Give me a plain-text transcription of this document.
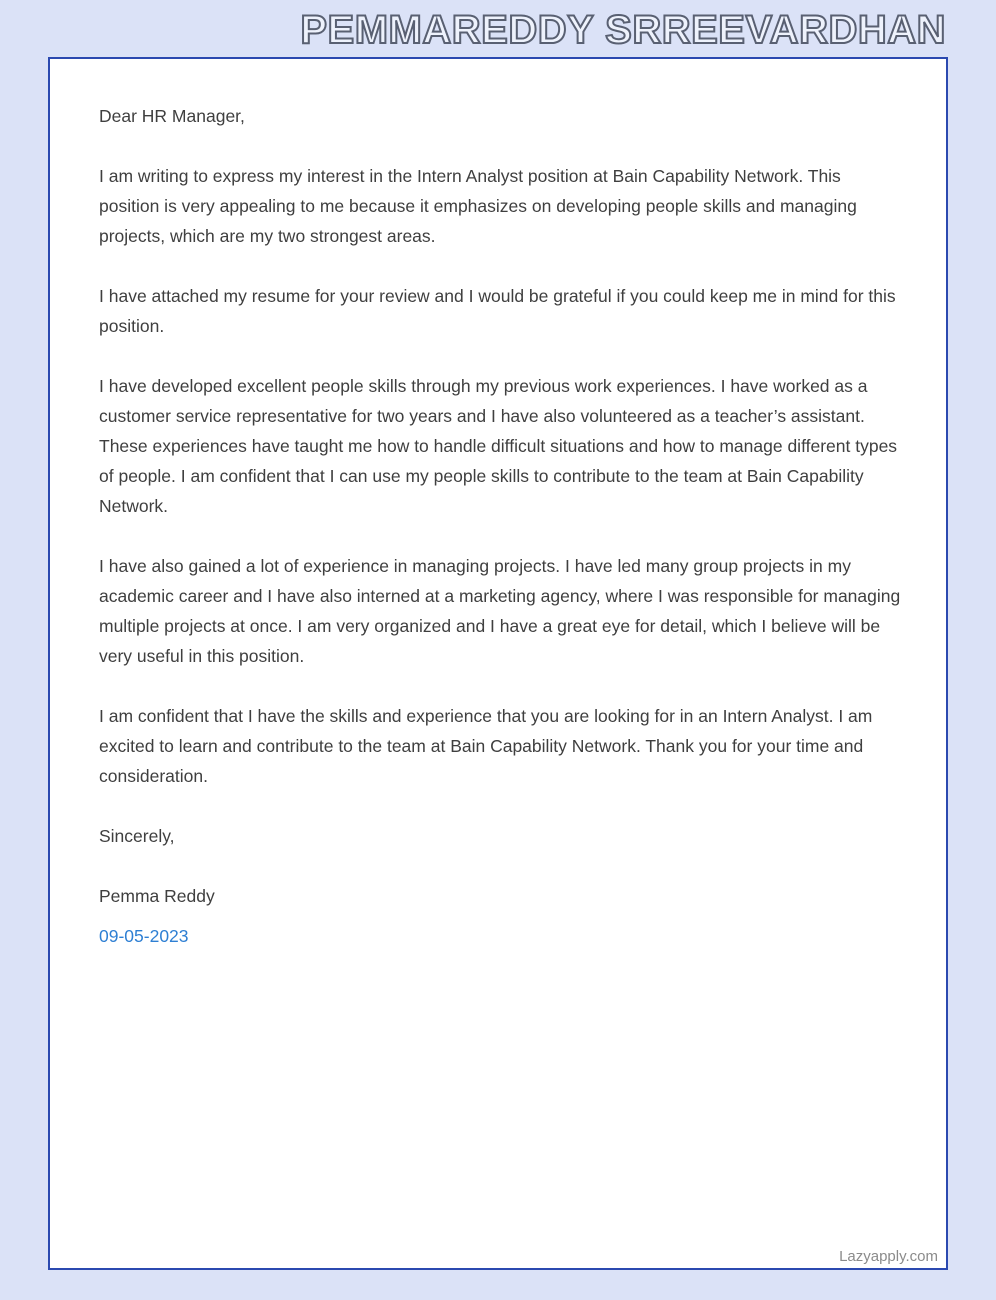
PEMMAREDDY SRREEVARDHAN

Dear HR Manager,

I am writing to express my interest in the Intern Analyst position at Bain Capability Network. This position is very appealing to me because it emphasizes on developing people skills and managing projects, which are my two strongest areas.

I have attached my resume for your review and I would be grateful if you could keep me in mind for this position.

I have developed excellent people skills through my previous work experiences. I have worked as a customer service representative for two years and I have also volunteered as a teacher’s assistant. These experiences have taught me how to handle difficult situations and how to manage different types of people. I am confident that I can use my people skills to contribute to the team at Bain Capability Network.

I have also gained a lot of experience in managing projects. I have led many group projects in my academic career and I have also interned at a marketing agency, where I was responsible for managing multiple projects at once. I am very organized and I have a great eye for detail, which I believe will be very useful in this position.

I am confident that I have the skills and experience that you are looking for in an Intern Analyst. I am excited to learn and contribute to the team at Bain Capability Network. Thank you for your time and consideration.

Sincerely,

Pemma Reddy

09-05-2023

Lazyapply.com
